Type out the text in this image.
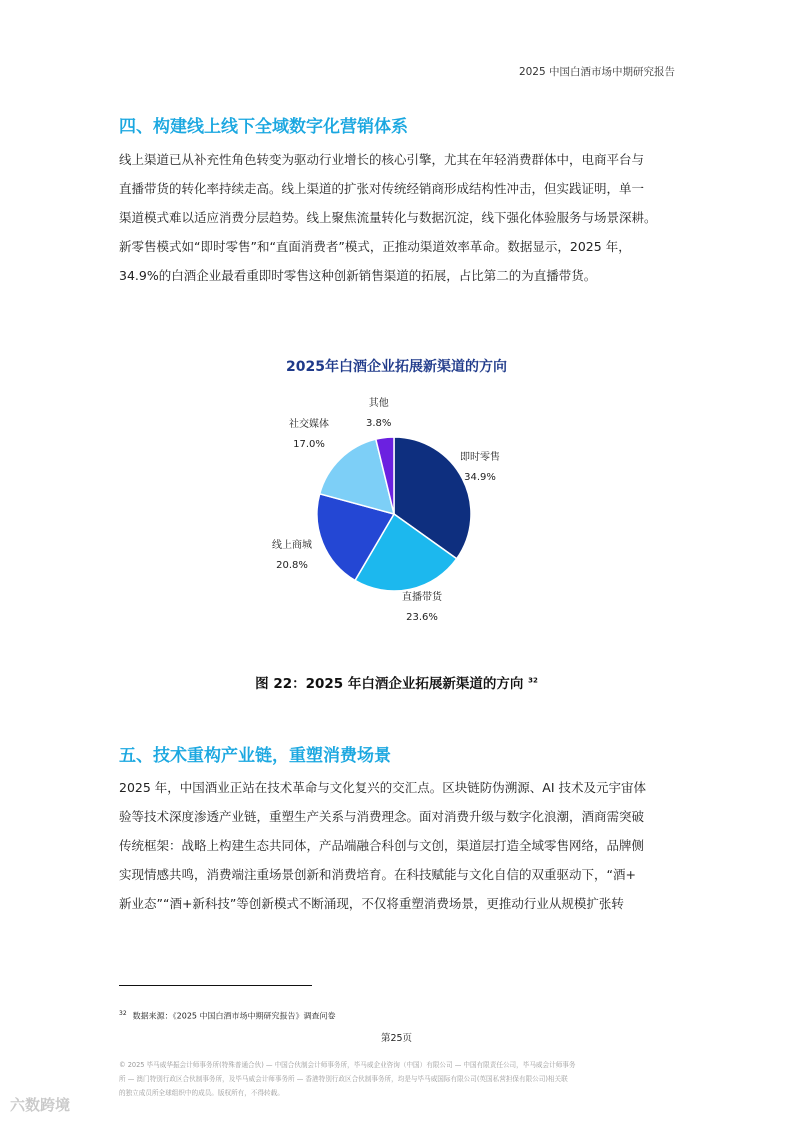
2025 中国白酒市场中期研究报告
四、构建线上线下全域数字化营销体系
线上渠道已从补充性角色转变为驱动行业增长的核心引擎，尤其在年轻消费群体中，电商平台与
直播带货的转化率持续走高。线上渠道的扩张对传统经销商形成结构性冲击，但实践证明，单一
渠道模式难以适应消费分层趋势。线上聚焦流量转化与数据沉淀，线下强化体验服务与场景深耕。
新零售模式如“即时零售”和“直面消费者”模式，正推动渠道效率革命。数据显示，2025 年，
34.9%的白酒企业最看重即时零售这种创新销售渠道的拓展，占比第二的为直播带货。
2025年白酒企业拓展新渠道的方向
即时零售
34.9%
直播带货
23.6%
线上商城
20.8%
社交媒体
17.0%
其他
3.8%
图 22：2025 年白酒企业拓展新渠道的方向 $^{32}$
五、技术重构产业链，重塑消费场景
2025 年，中国酒业正站在技术革命与文化复兴的交汇点。区块链防伪溯源、AI 技术及元宇宙体
验等技术深度渗透产业链，重塑生产关系与消费理念。面对消费升级与数字化浪潮，酒商需突破
传统框架：战略上构建生态共同体，产品端融合科创与文创，渠道层打造全域零售网络，品牌侧
实现情感共鸣，消费端注重场景创新和消费培育。在科技赋能与文化自信的双重驱动下，“酒+
新业态”“酒+新科技”等创新模式不断涌现，不仅将重塑消费场景，更推动行业从规模扩张转
$^{32}$ 数据来源：《2025 中国白酒市场中期研究报告》调查问卷
第25页
© 2025 毕马威华振会计师事务所(特殊普通合伙) — 中国合伙制会计师事务所，毕马威企业咨询（中国）有限公司 — 中国有限责任公司，毕马威会计师事务
所 — 澳门特别行政区合伙制事务所，及毕马威会计师事务所 — 香港特别行政区合伙制事务所，均是与毕马威国际有限公司(英国私营担保有限公司)相关联
的独立成员所全球组织中的成员。版权所有，不得转载。
六数跨境
